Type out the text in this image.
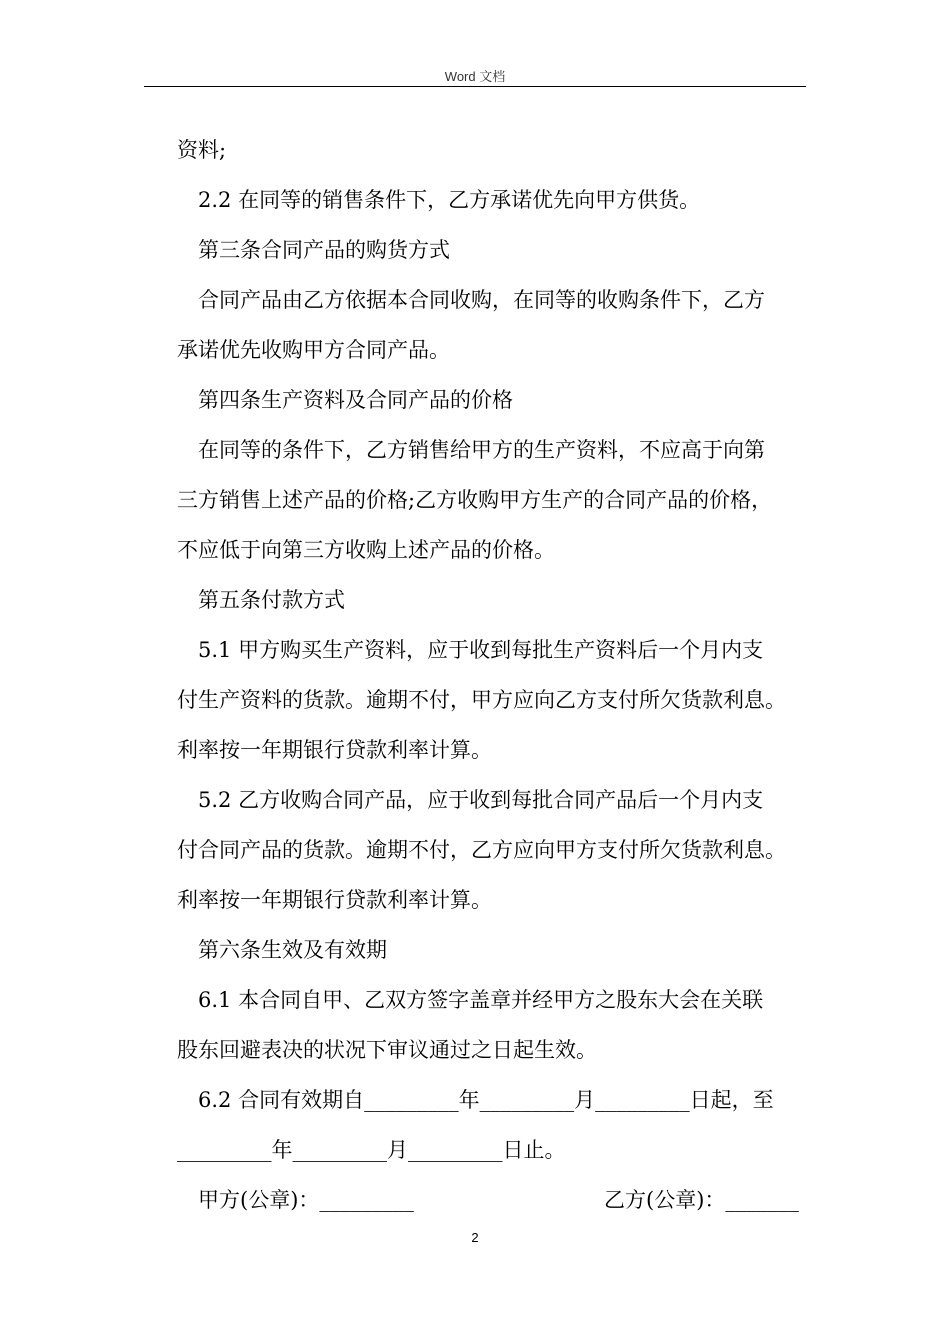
Word 文档
资料;
2.2 在同等的销售条件下，乙方承诺优先向甲方供货。
第三条合同产品的购货方式
合同产品由乙方依据本合同收购，在同等的收购条件下，乙方
承诺优先收购甲方合同产品。
第四条生产资料及合同产品的价格
在同等的条件下，乙方销售给甲方的生产资料，不应高于向第
三方销售上述产品的价格;乙方收购甲方生产的合同产品的价格，
不应低于向第三方收购上述产品的价格。
第五条付款方式
5.1 甲方购买生产资料，应于收到每批生产资料后一个月内支
付生产资料的货款。逾期不付，甲方应向乙方支付所欠货款利息。
利率按一年期银行贷款利率计算。
5.2 乙方收购合同产品，应于收到每批合同产品后一个月内支
付合同产品的货款。逾期不付，乙方应向甲方支付所欠货款利息。
利率按一年期银行贷款利率计算。
第六条生效及有效期
6.1 本合同自甲、乙双方签字盖章并经甲方之股东大会在关联
股东回避表决的状况下审议通过之日起生效。
6.2 合同有效期自_________年_________月_________日起，至
_________年_________月_________日止。
甲方(公章)：_________	乙方(公章)：_______
2
